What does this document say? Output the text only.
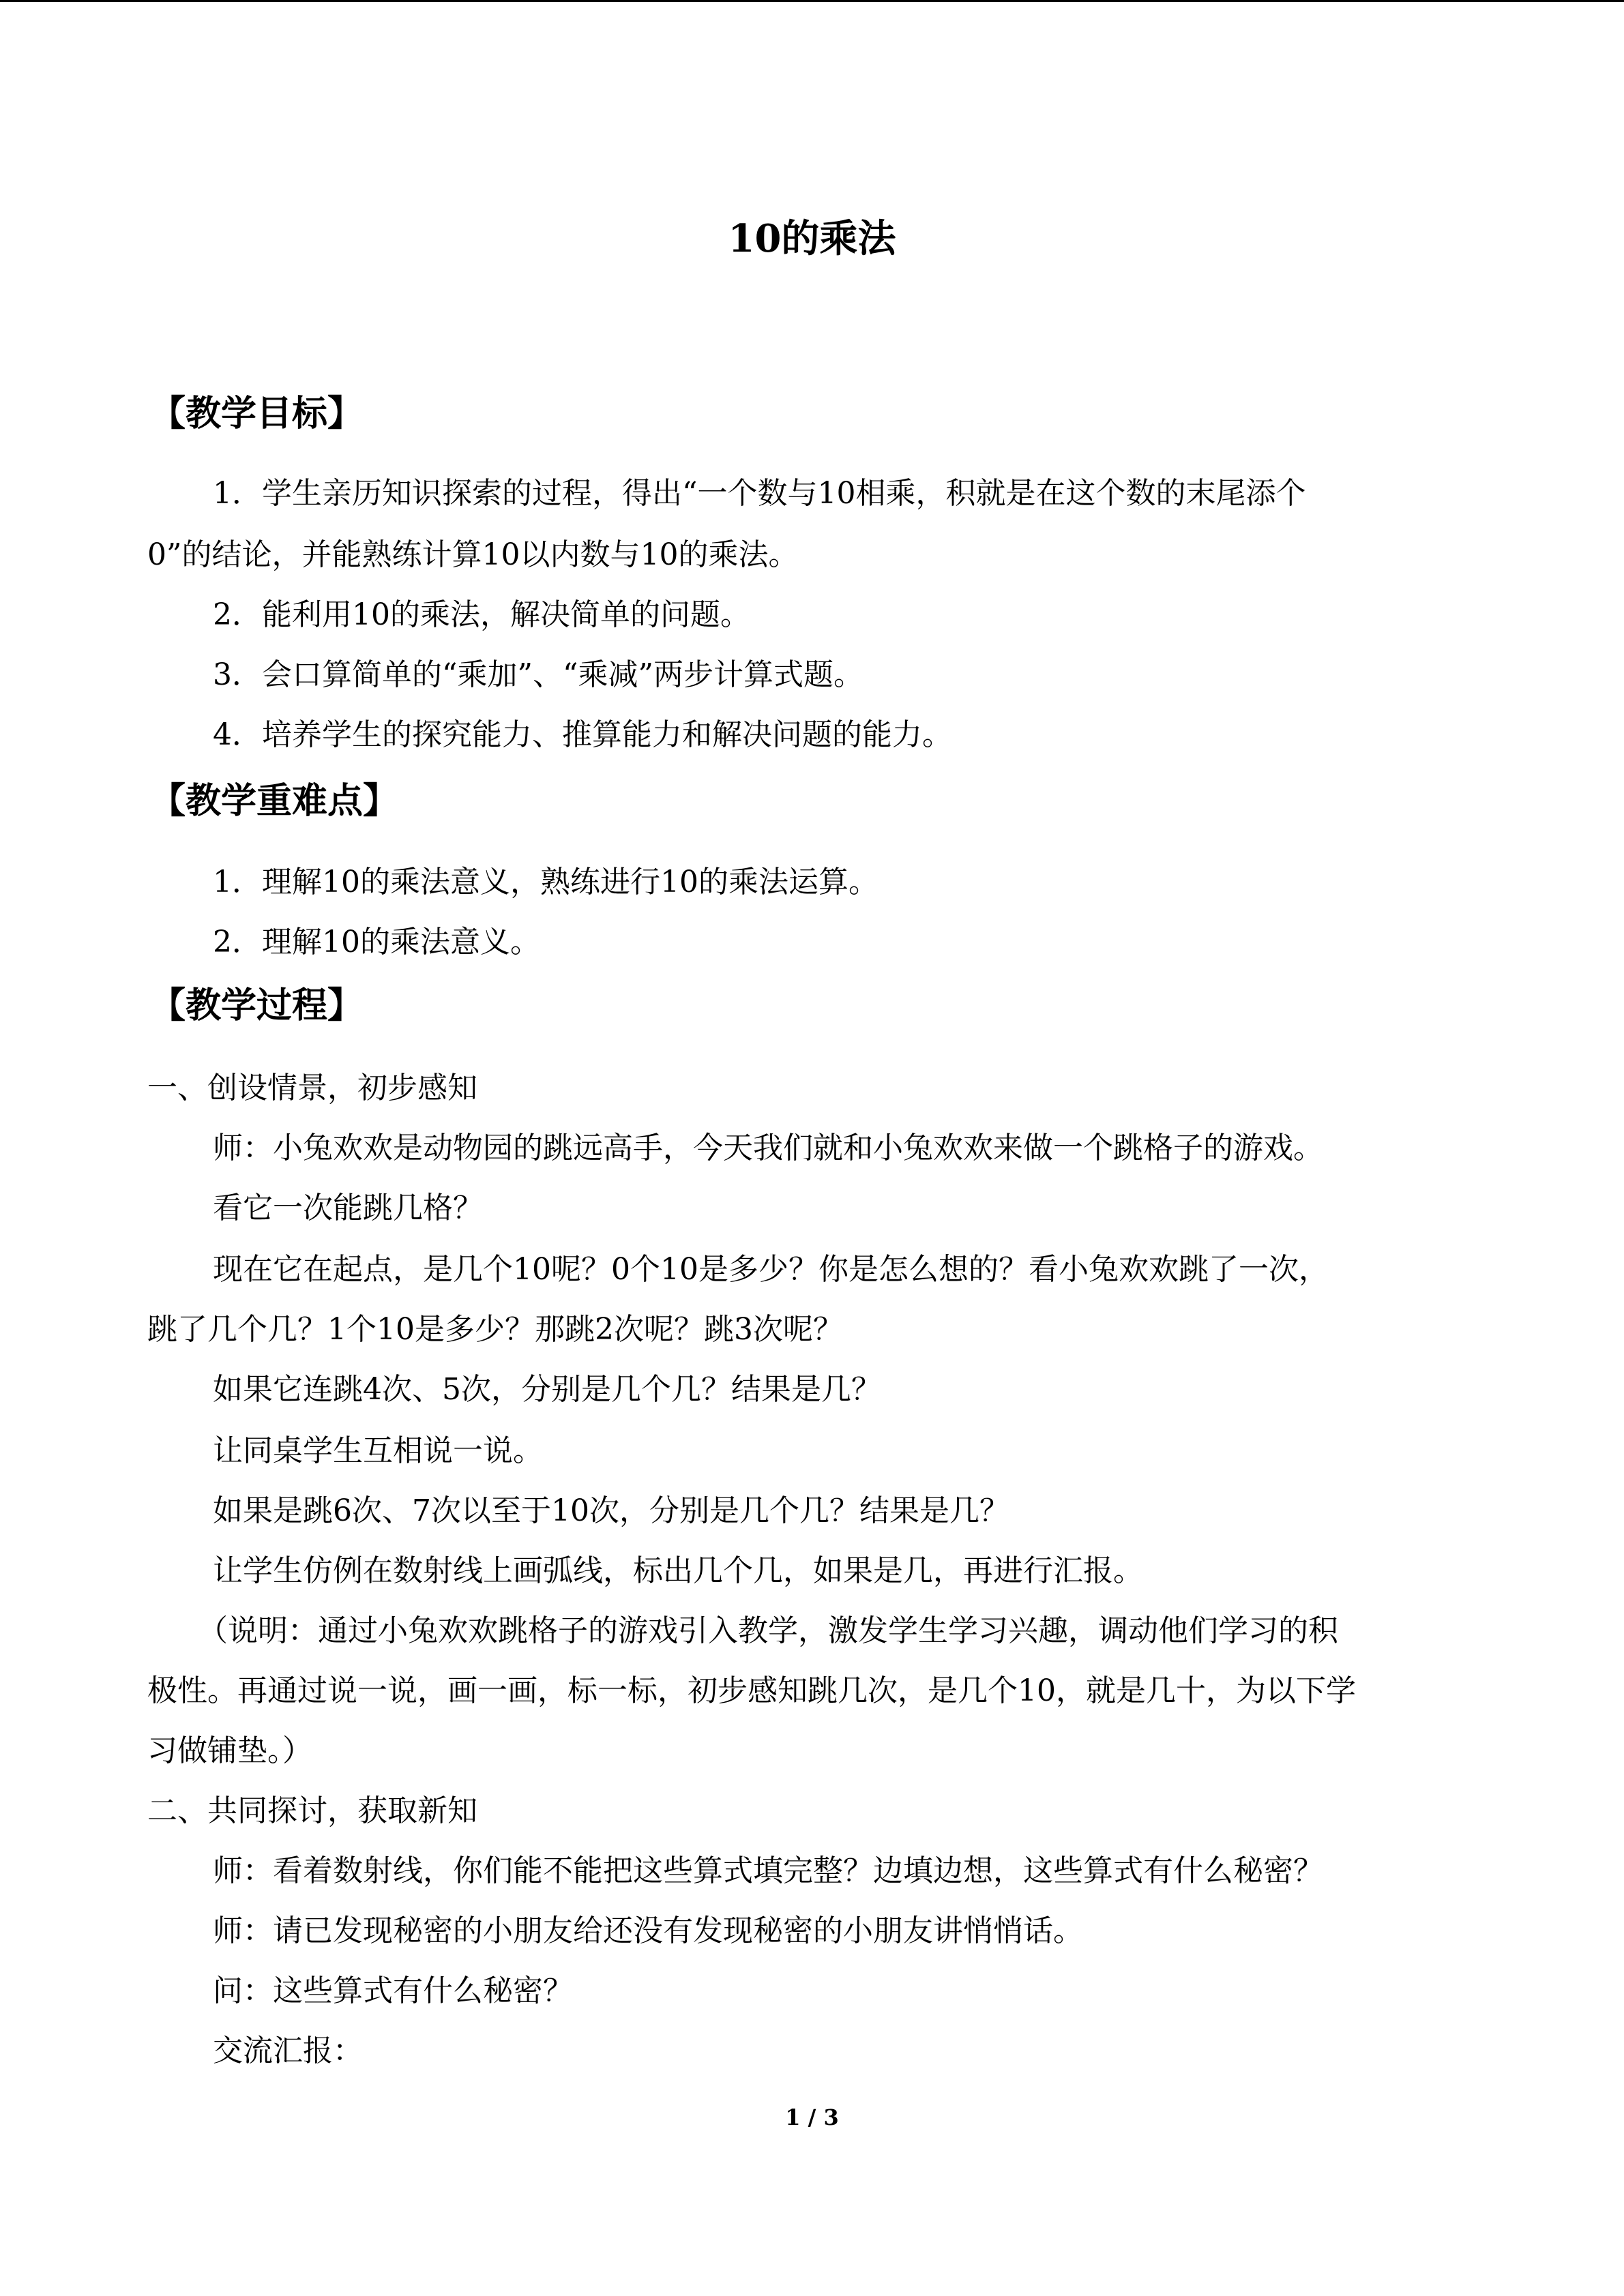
10的乘法
【教学目标】
1．学生亲历知识探索的过程，得出“一个数与10相乘，积就是在这个数的末尾添个
0”的结论，并能熟练计算10以内数与10的乘法。
2．能利用10的乘法，解决简单的问题。
3．会口算简单的“乘加”、“乘减”两步计算式题。
4．培养学生的探究能力、推算能力和解决问题的能力。
【教学重难点】
1．理解10的乘法意义，熟练进行10的乘法运算。
2．理解10的乘法意义。
【教学过程】
一、创设情景，初步感知
师：小兔欢欢是动物园的跳远高手，今天我们就和小兔欢欢来做一个跳格子的游戏。
看它一次能跳几格？
现在它在起点，是几个10呢？0个10是多少？你是怎么想的？看小兔欢欢跳了一次，
跳了几个几？1个10是多少？那跳2次呢？跳3次呢？
如果它连跳4次、5次，分别是几个几？结果是几？
让同桌学生互相说一说。
如果是跳6次、7次以至于10次，分别是几个几？结果是几？
让学生仿例在数射线上画弧线，标出几个几，如果是几，再进行汇报。
（说明：通过小兔欢欢跳格子的游戏引入教学，激发学生学习兴趣，调动他们学习的积
极性。再通过说一说，画一画，标一标，初步感知跳几次，是几个10，就是几十，为以下学
习做铺垫。）
二、共同探讨，获取新知
师：看着数射线，你们能不能把这些算式填完整？边填边想，这些算式有什么秘密？
师：请已发现秘密的小朋友给还没有发现秘密的小朋友讲悄悄话。
问：这些算式有什么秘密？
交流汇报：
1 / 3
